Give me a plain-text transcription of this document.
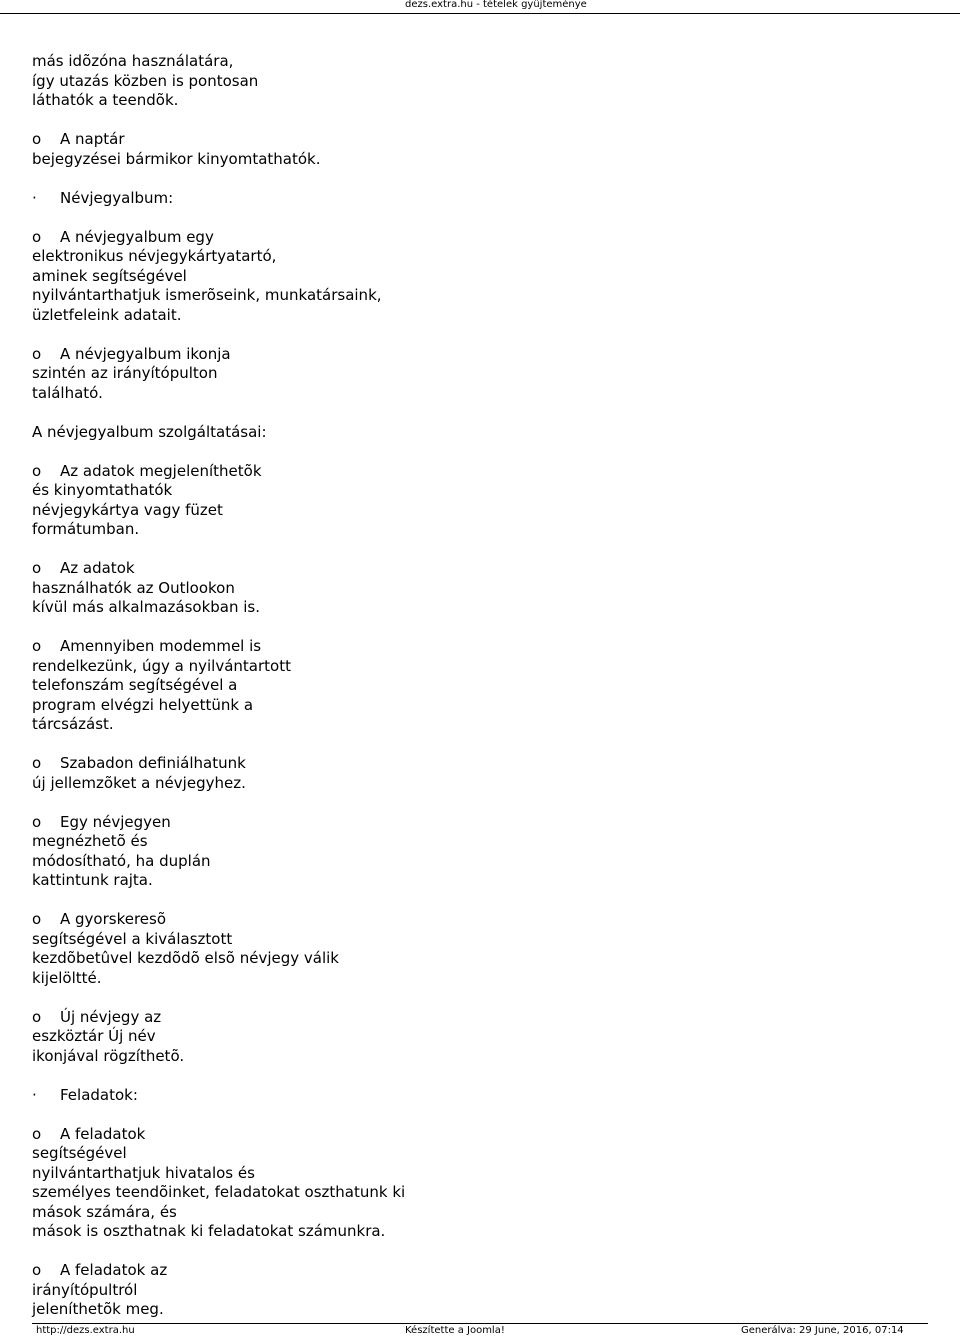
dezs.extra.hu - tételek gyûjteménye
más idõzóna használatára,
így utazás közben is pontosan
láthatók a teendõk.
o A naptár
bejegyzései bármikor kinyomtathatók.
· Névjegyalbum:
o A névjegyalbum egy
elektronikus névjegykártyatartó,
aminek segítségével
nyilvántarthatjuk ismerõseink, munkatársaink,
üzletfeleink adatait.
o A névjegyalbum ikonja
szintén az irányítópulton
található.
A névjegyalbum szolgáltatásai:
o Az adatok megjeleníthetõk
és kinyomtathatók
névjegykártya vagy füzet
formátumban.
o Az adatok
használhatók az Outlookon
kívül más alkalmazásokban is.
o Amennyiben modemmel is
rendelkezünk, úgy a nyilvántartott
telefonszám segítségével a
program elvégzi helyettünk a
tárcsázást.
o Szabadon definiálhatunk
új jellemzõket a névjegyhez.
o Egy névjegyen
megnézhetõ és
módosítható, ha duplán
kattintunk rajta.
o A gyorskeresõ
segítségével a kiválasztott
kezdõbetûvel kezdõdõ elsõ névjegy válik
kijelöltté.
o Új névjegy az
eszköztár Új név
ikonjával rögzíthetõ.
· Feladatok:
o A feladatok
segítségével
nyilvántarthatjuk hivatalos és
személyes teendõinket, feladatokat oszthatunk ki
mások számára, és
mások is oszthatnak ki feladatokat számunkra.
o A feladatok az
irányítópultról
jeleníthetõk meg.
http://dezs.extra.hu	Készítette a Joomla!	Generálva: 29 June, 2016, 07:14
